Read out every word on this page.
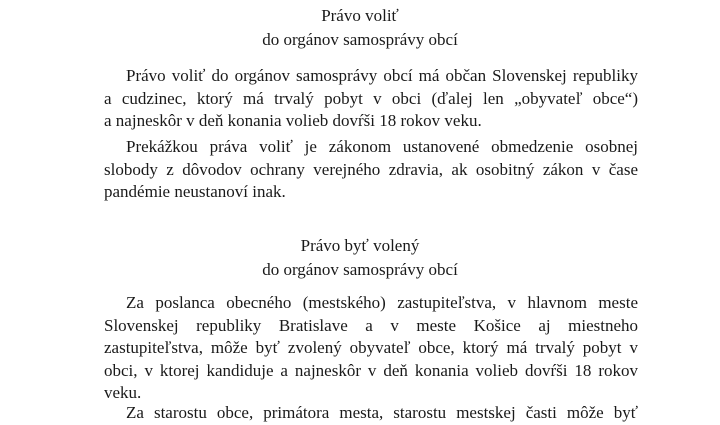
Právo voliť
do orgánov samosprávy obcí
Právo voliť do orgánov samosprávy obcí má občan Slovenskej republiky
a cudzinec, ktorý má trvalý pobyt v obci (ďalej len „obyvateľ obce“)
a najneskôr v deň konania volieb dovŕši 18 rokov veku.
Prekážkou práva voliť je zákonom ustanovené obmedzenie osobnej
slobody z dôvodov ochrany verejného zdravia, ak osobitný zákon v čase
pandémie neustanoví inak.
Právo byť volený
do orgánov samosprávy obcí
Za poslanca obecného (mestského) zastupiteľstva, v hlavnom meste
Slovenskej republiky Bratislave a v meste Košice aj miestneho
zastupiteľstva, môže byť zvolený obyvateľ obce, ktorý má trvalý pobyt v
obci, v ktorej kandiduje a najneskôr v deň konania volieb dovŕši 18 rokov
veku.
Za starostu obce, primátora mesta, starostu mestskej časti môže byť
